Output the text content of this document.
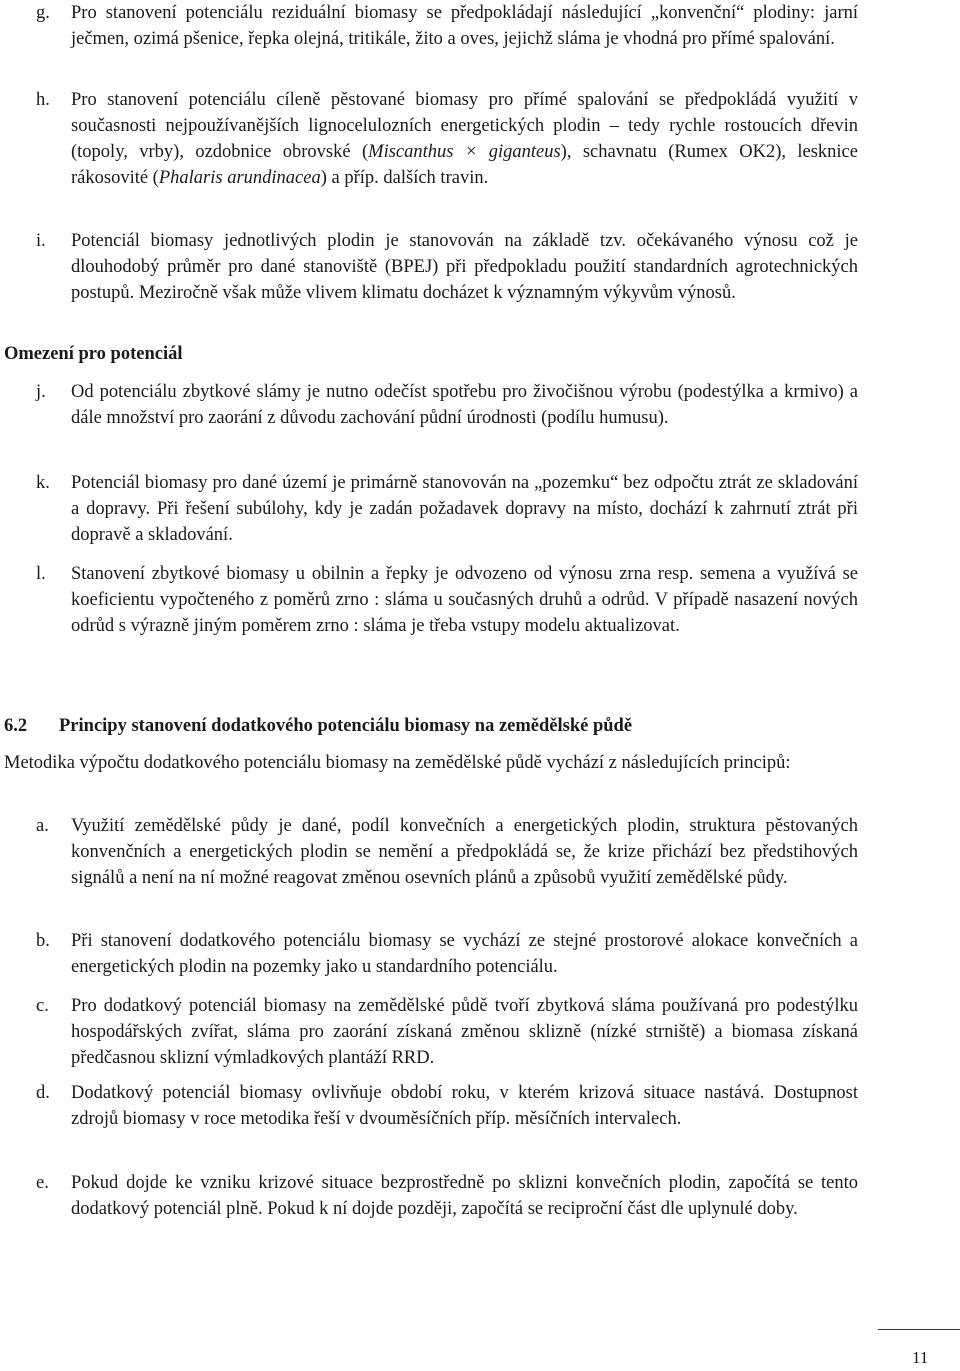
g.	Pro stanovení potenciálu reziduální biomasy se předpokládají následující „konvenční“ plodiny: jarní ječmen, ozimá pšenice, řepka olejná, tritikále, žito a oves, jejichž sláma je vhodná pro přímé spalování.
h.	Pro stanovení potenciálu cíleně pěstované biomasy pro přímé spalování se předpokládá využití v současnosti nejpoužívanějších lignocelulozních energetických plodin – tedy rychle rostoucích dřevin (topoly, vrby), ozdobnice obrovské (Miscanthus × giganteus), schavnatu (Rumex OK2), lesknice rákosovité (Phalaris arundinacea) a příp. dalších travin.
i.	Potenciál biomasy jednotlivých plodin je stanovován na základě tzv. očekávaného výnosu což je dlouhodobý průměr pro dané stanoviště (BPEJ) při předpokladu použití standardních agrotechnických postupů. Meziročně však může vlivem klimatu docházet k významným výkyvům výnosů.
Omezení pro potenciál
j.	Od potenciálu zbytkové slámy je nutno odečíst spotřebu pro živočišnou výrobu (podestýlka a krmivo) a dále množství pro zaorání z důvodu zachování půdní úrodnosti (podílu humusu).
k.	Potenciál biomasy pro dané území je primárně stanovován na „pozemku“ bez odpočtu ztrát ze skladování a dopravy. Při řešení subúlohy, kdy je zadán požadavek dopravy na místo, dochází k zahrnutí ztrát při dopravě a skladování.
l.	Stanovení zbytkové biomasy u obilnin a řepky je odvozeno od výnosu zrna resp. semena a využívá se koeficientu vypočteného z poměrů zrno : sláma u současných druhů a odrůd. V případě nasazení nových odrůd s výrazně jiným poměrem zrno : sláma je třeba vstupy modelu aktualizovat.
6.2 Principy stanovení dodatkového potenciálu biomasy na zemědělské půdě
Metodika výpočtu dodatkového potenciálu biomasy na zemědělské půdě vychází z následujících principů:
a.	Využití zemědělské půdy je dané, podíl konvečních a energetických plodin, struktura pěstovaných konvenčních a energetických plodin se nemění a předpokládá se, že krize přichází bez předstihových signálů a není na ní možné reagovat změnou osevních plánů a způsobů využití zemědělské půdy.
b.	Při stanovení dodatkového potenciálu biomasy se vychází ze stejné prostorové alokace konvečních a energetických plodin na pozemky jako u standardního potenciálu.
c.	Pro dodatkový potenciál biomasy na zemědělské půdě tvoří zbytková sláma používaná pro podestýlku hospodářských zvířat, sláma pro zaorání získaná změnou sklizně (nízké strniště) a biomasa získaná předčasnou sklizní výmladkových plantáží RRD.
d.	Dodatkový potenciál biomasy ovlivňuje období roku, v kterém krizová situace nastává. Dostupnost zdrojů biomasy v roce metodika řeší v dvouměsíčních příp. měsíčních intervalech.
e.	Pokud dojde ke vzniku krizové situace bezprostředně po sklizni konvečních plodin, započítá se tento dodatkový potenciál plně. Pokud k ní dojde později, započítá se reciproční část dle uplynulé doby.
11
